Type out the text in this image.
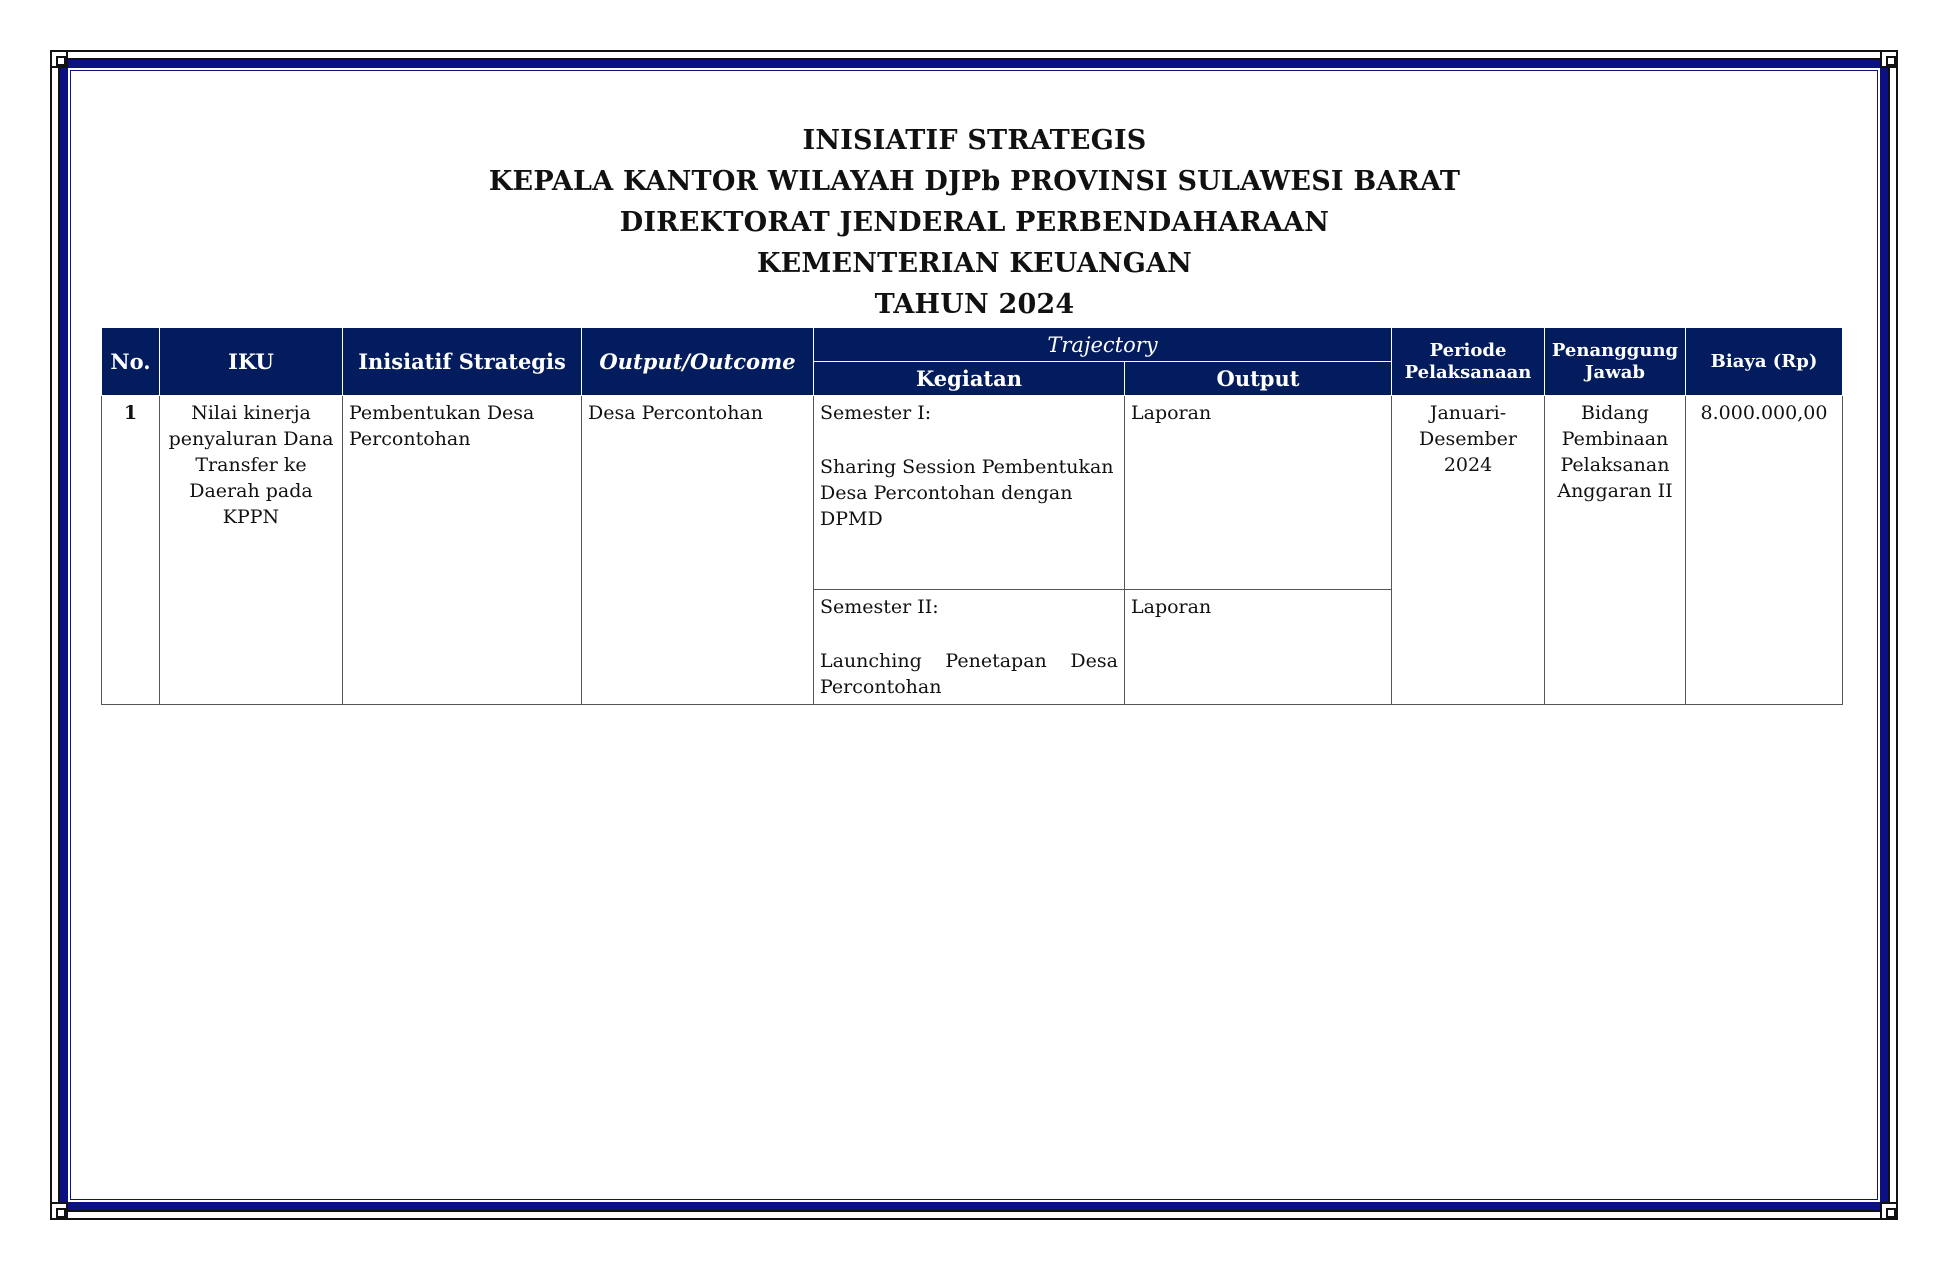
INISIATIF STRATEGIS
KEPALA KANTOR WILAYAH DJPb PROVINSI SULAWESI BARAT
DIREKTORAT JENDERAL PERBENDAHARAAN
KEMENTERIAN KEUANGAN
TAHUN 2024
No.	IKU	Inisiatif Strategis	Output/Outcome	Trajectory		Periode Pelaksanaan	Penanggung Jawab	Biaya (Rp)
				Kegiatan	Output			
1	Nilai kinerja penyaluran Dana Transfer ke Daerah pada KPPN	Pembentukan Desa Percontohan	Desa Percontohan	Semester I:
Sharing Session Pembentukan Desa Percontohan dengan DPMD	Laporan	Januari-Desember 2024	Bidang Pembinaan Pelaksanan Anggaran II	8.000.000,00
				Semester II:
Launching Penetapan Desa Percontohan	Laporan			
